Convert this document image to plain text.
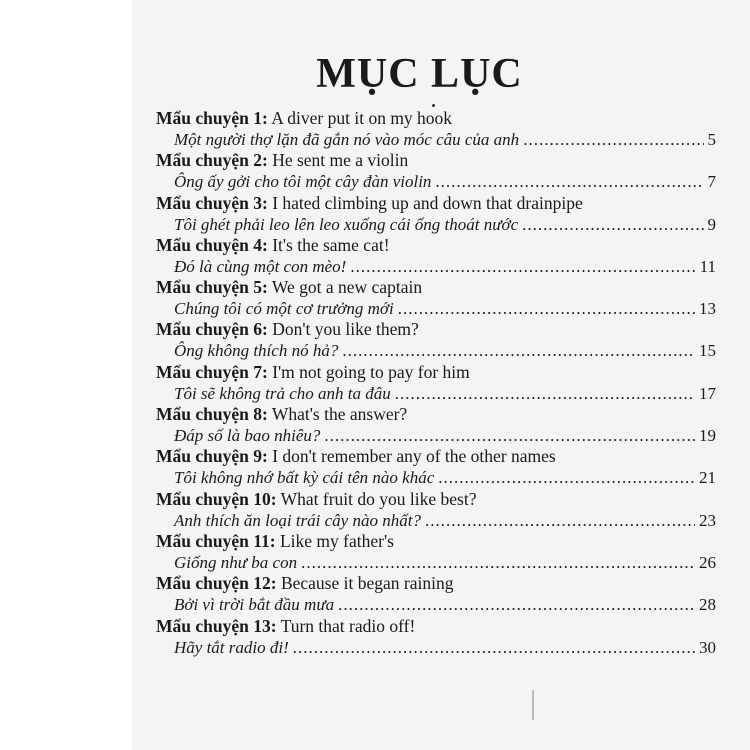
MỤC LỤC
Mẩu chuyện 1: A diver put it on my hook
Một người thợ lặn đã gắn nó vào móc câu của anh .....	5
Mẩu chuyện 2: He sent me a violin
Ông ấy gởi cho tôi một cây đàn violin .....	7
Mẩu chuyện 3: I hated climbing up and down that drainpipe
Tôi ghét phải leo lên leo xuống cái ống thoát nước .....	9
Mẩu chuyện 4: It's the same cat!
Đó là cùng một con mèo! .....	11
Mẩu chuyện 5: We got a new captain
Chúng tôi có một cơ trưởng mới .....	13
Mẩu chuyện 6: Don't you like them?
Ông không thích nó hả? .....	15
Mẩu chuyện 7: I'm not going to pay for him
Tôi sẽ không trả cho anh ta đâu .....	17
Mẩu chuyện 8: What's the answer?
Đáp số là bao nhiêu? .....	19
Mẩu chuyện 9: I don't remember any of the other names
Tôi không nhớ bất kỳ cái tên nào khác .....	21
Mẩu chuyện 10: What fruit do you like best?
Anh thích ăn loại trái cây nào nhất? .....	23
Mẩu chuyện 11: Like my father's
Giống như ba con .....	26
Mẩu chuyện 12: Because it began raining
Bởi vì trời bắt đầu mưa .....	28
Mẩu chuyện 13: Turn that radio off!
Hãy tắt radio đi! .....	30
